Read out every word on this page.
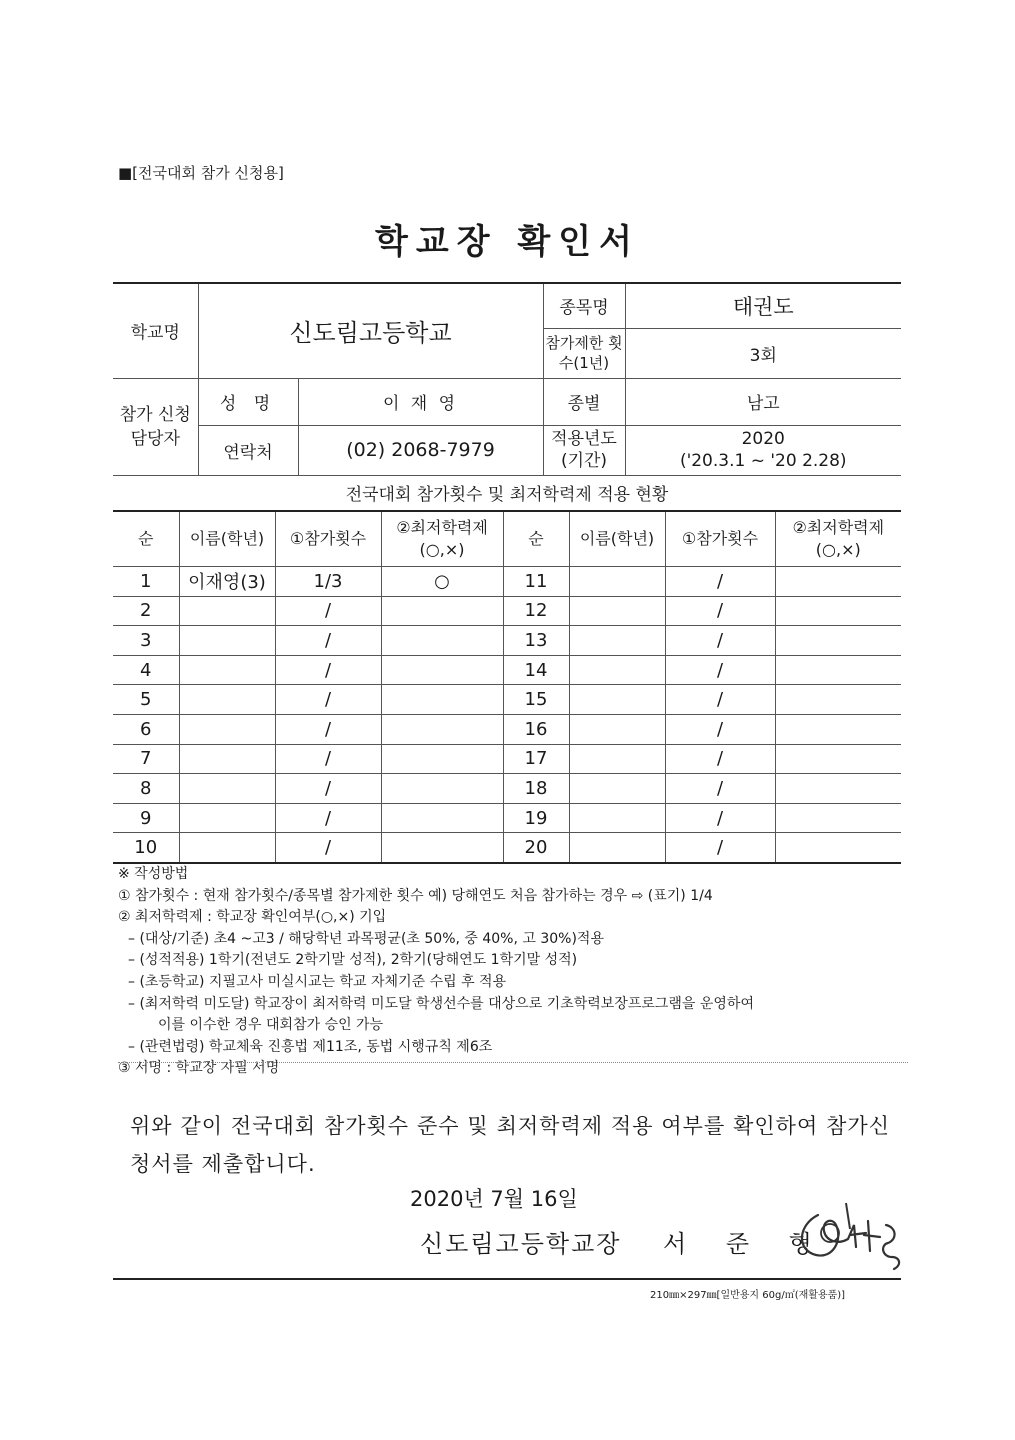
■[전국대회 참가 신청용]
학교장 확인서
학교명	신도림고등학교		종목명	태권도
			참가제한 횟수(1년)	3회
참가 신청 담당자	성 명	이 재 영	종별	남고
	연락처	(02) 2068-7979	적용년도 (기간)	2020
('20.3.1 ~ '20 2.28)
전국대회 참가횟수 및 최저학력제 적용 현황
순	이름(학년)	①참가횟수	②최저학력제 (○,×)	순	이름(학년)	①참가횟수	②최저학력제 (○,×)
1	이재영(3)	1/3	○	11		/	
2		/		12		/	
3		/		13		/	
4		/		14		/	
5		/		15		/	
6		/		16		/	
7		/		17		/	
8		/		18		/	
9		/		19		/	
10		/		20		/	
※ 작성방법
① 참가횟수 : 현재 참가횟수/종목별 참가제한 횟수 예) 당해연도 처음 참가하는 경우 ⇨ (표기) 1/4
② 최저학력제 : 학교장 확인여부(○,×) 기입
– (대상/기준) 초4 ~고3 / 해당학년 과목평균(초 50%, 중 40%, 고 30%)적용
– (성적적용) 1학기(전년도 2학기말 성적), 2학기(당해연도 1학기말 성적)
– (초등학교) 지필고사 미실시교는 학교 자체기준 수립 후 적용
– (최저학력 미도달) 학교장이 최저학력 미도달 학생선수를 대상으로 기초학력보장프로그램을 운영하여
이를 이수한 경우 대회참가 승인 가능
– (관련법령) 학교체육 진흥법 제11조, 동법 시행규칙 제6조
③ 서명 : 학교장 자필 서명
위와 같이 전국대회 참가횟수 준수 및 최저학력제 적용 여부를 확인하여 참가신청서를 제출합니다.
2020년 7월 16일
신도림고등학교장 서 준 형
210㎜×297㎜[일반용지 60g/㎡(재활용품)]
